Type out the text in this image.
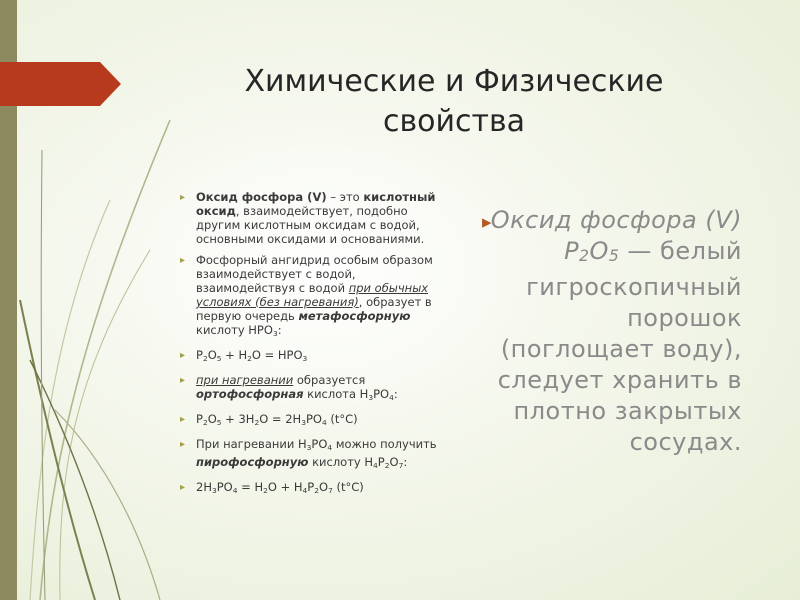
Химические и Физические
свойства
▸ Оксид фосфора (V) – это кислотный оксид, взаимодействует, подобно другим кислотным оксидам с водой, основными оксидами и основаниями.
▸ Фосфорный ангидрид особым образом взаимодействует с водой, взаимодействуя с водой при обычных условиях (без нагревания), образует в первую очередь метафосфорную кислоту $HPO_3$:
▸ $P_2O_5 + H_2O = HPO_3$
▸ при нагревании образуется ортофосфорная кислота $H_3PO_4$:
▸ $P_2O_5 + 3H_2O = 2H_3PO_4$ (t°C)
▸ При нагревании $H_3PO_4$ можно получить пирофосфорную кислоту $H_4P_2O_7$:
▸ $2H_3PO_4 = H_2O + H_4P_2O_7$ (t°C)
▸
Оксид фосфора (V) $P_2O_5$ — белый гигроскопичный порошок (поглощает воду), следует хранить в плотно закрытых сосудах.
